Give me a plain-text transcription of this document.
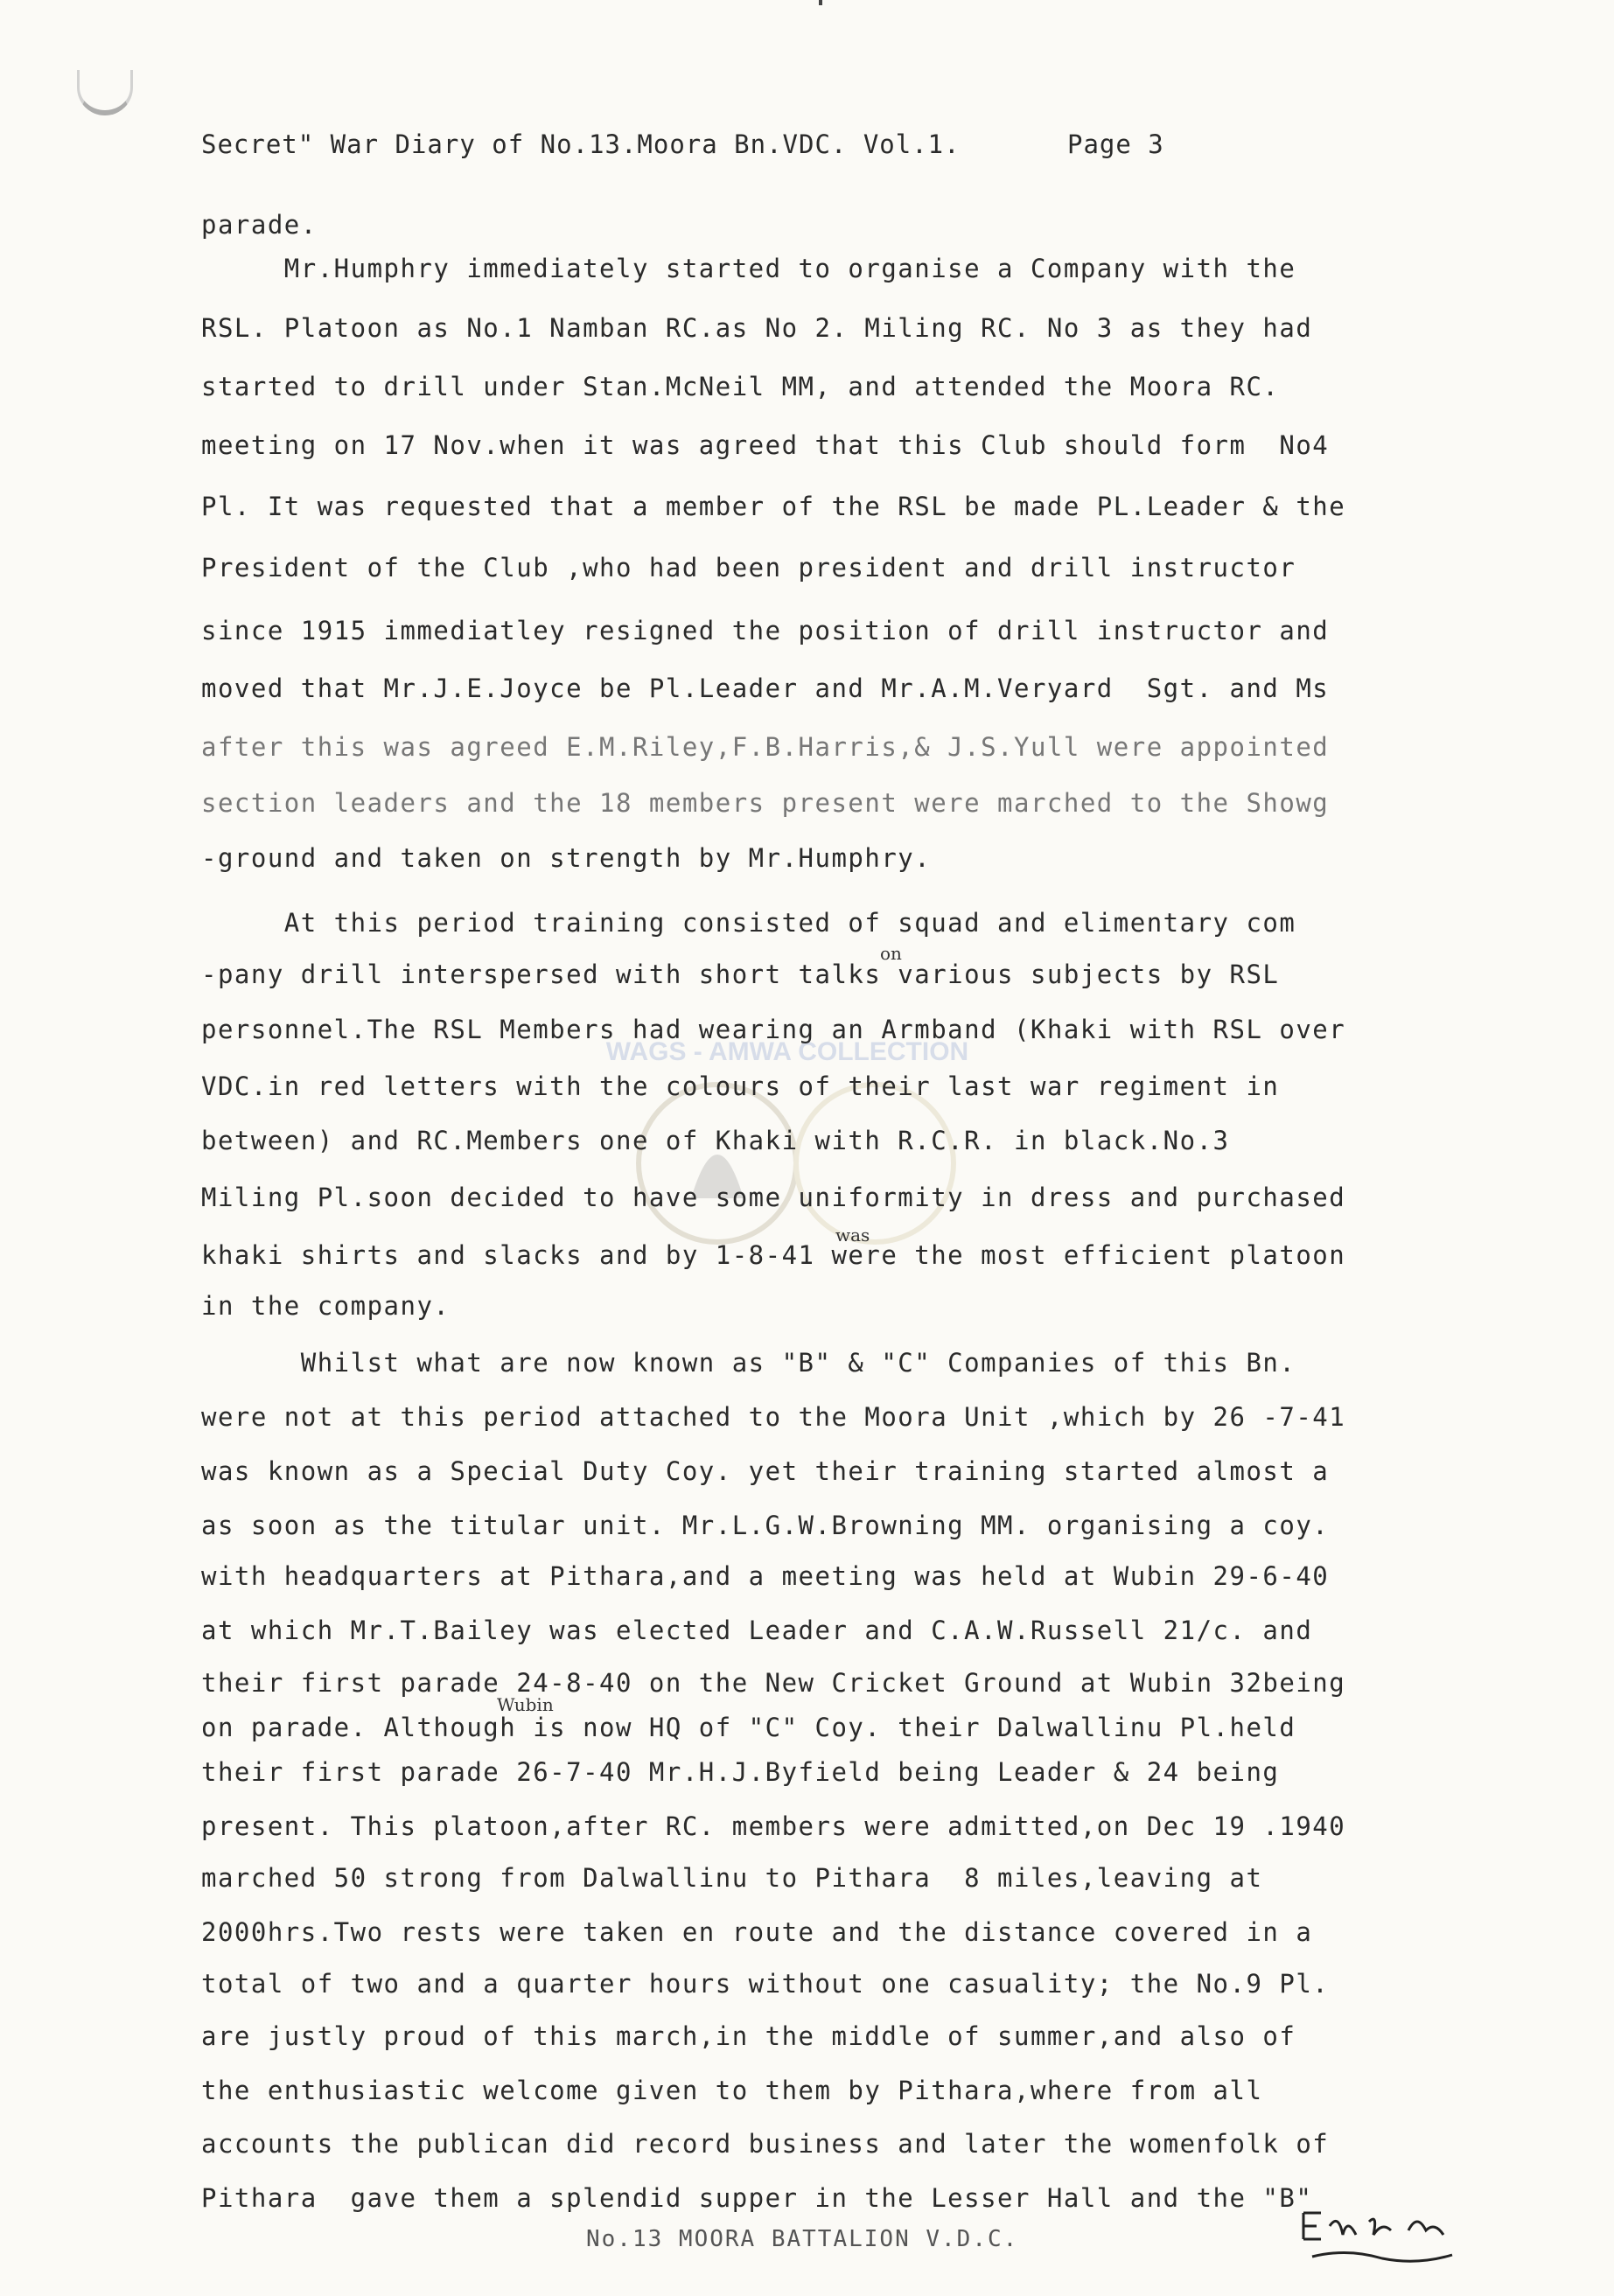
Secret" War Diary of No.13.Moora Bn.VDC. Vol.1.	Page 3
WAGS - AMWA COLLECTION

parade.

Mr.Humphry immediately started to organise a Company with the

RSL. Platoon as No.1 Namban RC.as No 2. Miling RC. No 3 as they had

started to drill under Stan.McNeil MM, and attended the Moora RC.

meeting on 17 Nov.when it was agreed that this Club should form  No4

Pl. It was requested that a member of the RSL be made PL.Leader & the

President of the Club ,who had been president and drill instructor

since 1915 immediatley resigned the position of drill instructor and

moved that Mr.J.E.Joyce be Pl.Leader and Mr.A.M.Veryard  Sgt. and Ms

after this was agreed E.M.Riley,F.B.Harris,& J.S.Yull were appointed

section leaders and the 18 members present were marched to the Showg

-ground and taken on strength by Mr.Humphry.

At this period training consisted of squad and elimentary com

-pany drill interspersed with short talks various subjects by RSL

personnel.The RSL Members had wearing an Armband (Khaki with RSL over

VDC.in red letters with the colours of their last war regiment in

between) and RC.Members one of Khaki with R.C.R. in black.No.3

Miling Pl.soon decided to have some uniformity in dress and purchased

khaki shirts and slacks and by 1-8-41 were the most efficient platoon

in the company.

Whilst what are now known as "B" & "C" Companies of this Bn.

were not at this period attached to the Moora Unit ,which by 26 -7-41

was known as a Special Duty Coy. yet their training started almost a

as soon as the titular unit. Mr.L.G.W.Browning MM. organising a coy.

with headquarters at Pithara,and a meeting was held at Wubin 29-6-40

at which Mr.T.Bailey was elected Leader and C.A.W.Russell 21/c. and

their first parade 24-8-40 on the New Cricket Ground at Wubin 32being

on parade. Although is now HQ of "C" Coy. their Dalwallinu Pl.held

their first parade 26-7-40 Mr.H.J.Byfield being Leader & 24 being

present. This platoon,after RC. members were admitted,on Dec 19 .1940

marched 50 strong from Dalwallinu to Pithara  8 miles,leaving at

2000hrs.Two rests were taken en route and the distance covered in a

total of two and a quarter hours without one casuality; the No.9 Pl.

are justly proud of this march,in the middle of summer,and also of

the enthusiastic welcome given to them by Pithara,where from all

accounts the publican did record business and later the womenfolk of

Pithara  gave them a splendid supper in the Lesser Hall and the "B"

on
was
Wubin
No.13 MOORA BATTALION V.D.C.
